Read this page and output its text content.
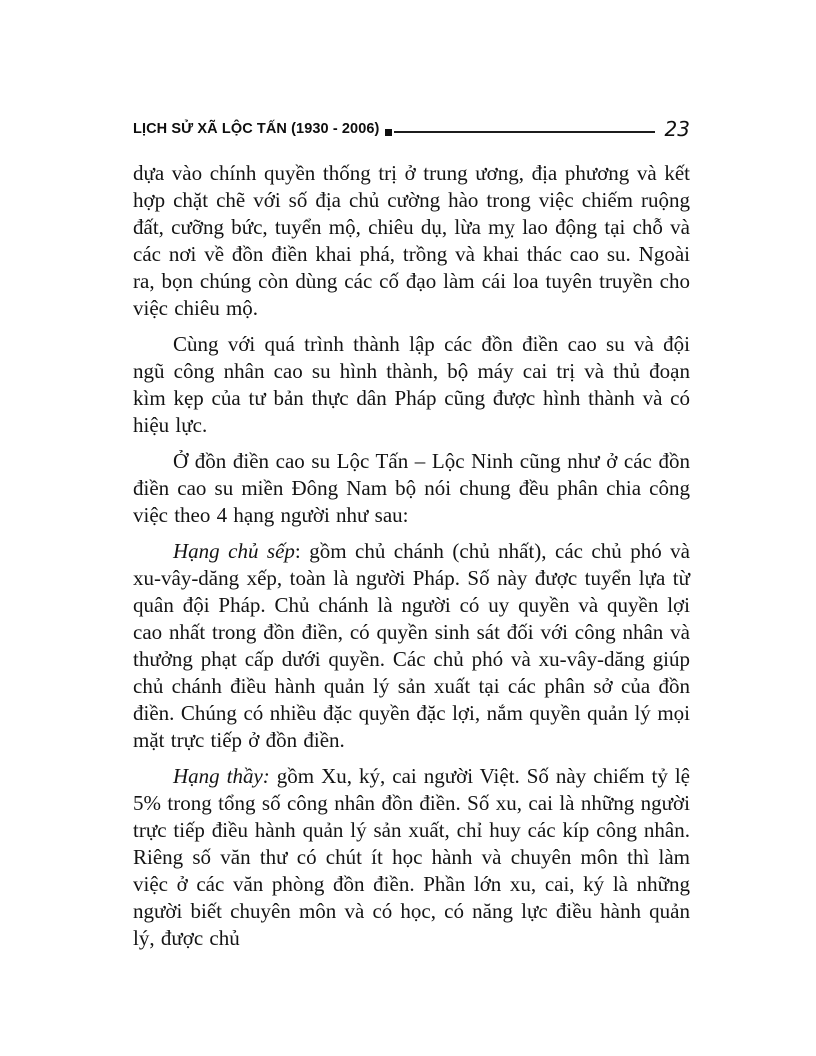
LỊCH SỬ XÃ LỘC TẤN (1930 - 2006)	23

dựa vào chính quyền thống trị ở trung ương, địa phương và kết hợp chặt chẽ với số địa chủ cường hào trong việc chiếm ruộng đất, cưỡng bức, tuyển mộ, chiêu dụ, lừa mỵ lao động tại chỗ và các nơi về đồn điền khai phá, trồng và khai thác cao su. Ngoài ra, bọn chúng còn dùng các cố đạo làm cái loa tuyên truyền cho việc chiêu mộ.

Cùng với quá trình thành lập các đồn điền cao su và đội ngũ công nhân cao su hình thành, bộ máy cai trị và thủ đoạn kìm kẹp của tư bản thực dân Pháp cũng được hình thành và có hiệu lực.

Ở đồn điền cao su Lộc Tấn – Lộc Ninh cũng như ở các đồn điền cao su miền Đông Nam bộ nói chung đều phân chia công việc theo 4 hạng người như sau:

Hạng chủ sếp: gồm chủ chánh (chủ nhất), các chủ phó và xu-vây-dăng xếp, toàn là người Pháp. Số này được tuyển lựa từ quân đội Pháp. Chủ chánh là người có uy quyền và quyền lợi cao nhất trong đồn điền, có quyền sinh sát đối với công nhân và thưởng phạt cấp dưới quyền. Các chủ phó và xu-vây-dăng giúp chủ chánh điều hành quản lý sản xuất tại các phân sở của đồn điền. Chúng có nhiều đặc quyền đặc lợi, nắm quyền quản lý mọi mặt trực tiếp ở đồn điền.

Hạng thầy: gồm Xu, ký, cai người Việt. Số này chiếm tỷ lệ 5% trong tổng số công nhân đồn điền. Số xu, cai là những người trực tiếp điều hành quản lý sản xuất, chỉ huy các kíp công nhân. Riêng số văn thư có chút ít học hành và chuyên môn thì làm việc ở các văn phòng đồn điền. Phần lớn xu, cai, ký là những người biết chuyên môn và có học, có năng lực điều hành quản lý, được chủ
